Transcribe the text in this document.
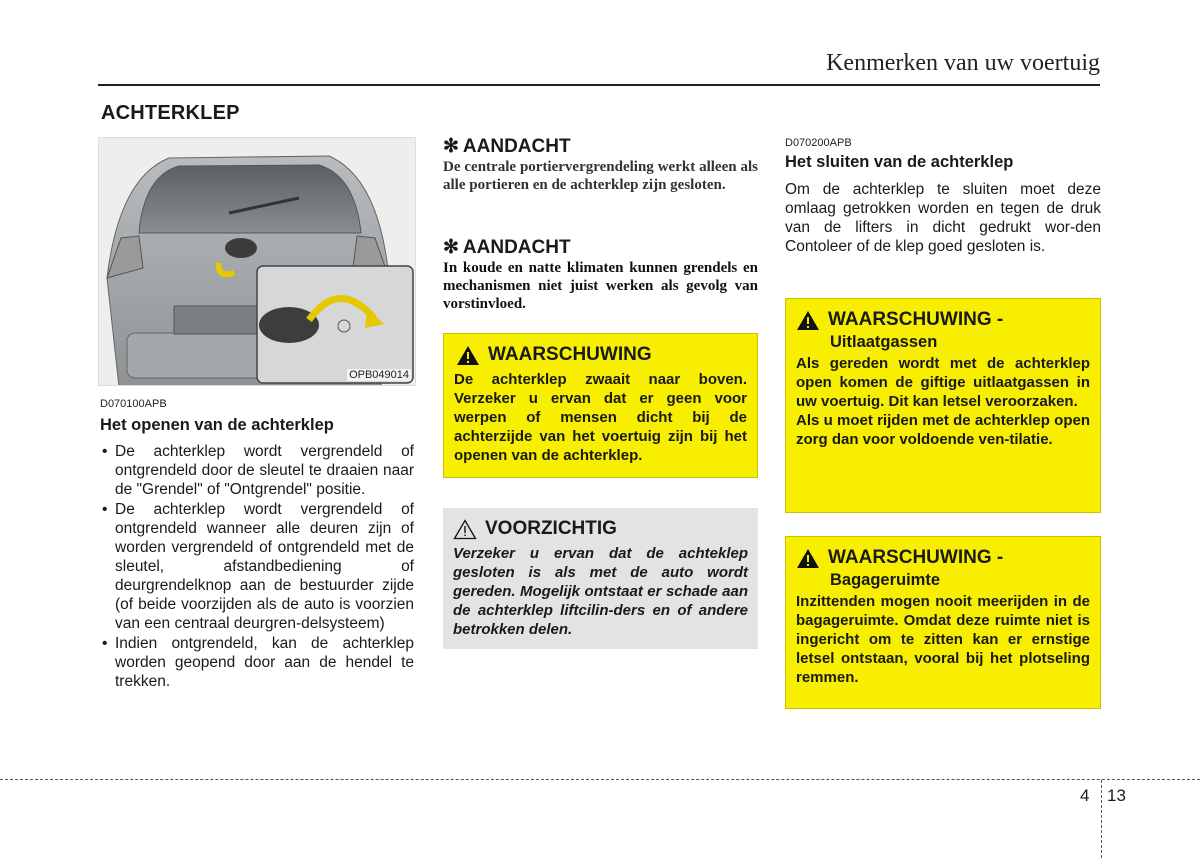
Kenmerken van uw voertuig
ACHTERKLEP
OPB049014
D070100APB
Het openen van de achterklep
• De achterklep wordt vergrendeld of ontgrendeld door de sleutel te draaien naar de "Grendel" of "Ontgrendel" positie.
• De achterklep wordt vergrendeld of ontgrendeld wanneer alle deuren zijn of worden vergrendeld of ontgrendeld met de sleutel, afstandbediening of deurgrendelknop aan de bestuurder zijde (of beide voorzijden als de auto is voorzien van een centraal deurgren-delsysteem)
• Indien ontgrendeld, kan de achterklep worden geopend door aan de hendel te trekken.
✻ AANDACHT
De centrale portiervergrendeling werkt alleen als alle portieren en de achterklep zijn gesloten.
✻ AANDACHT
In koude en natte klimaten kunnen grendels en mechanismen niet juist werken als gevolg van vorstinvloed.
WAARSCHUWING
De achterklep zwaait naar boven. Verzeker u ervan dat er geen voor werpen of mensen dicht bij de achterzijde van het voertuig zijn bij het openen van de achterklep.
VOORZICHTIG
Verzeker u ervan dat de achteklep gesloten is als met de auto wordt gereden. Mogelijk ontstaat er schade aan de achterklep liftcilin-ders en of andere betrokken delen.
D070200APB
Het sluiten van de achterklep
Om de achterklep te sluiten moet deze omlaag getrokken worden en tegen de druk van de lifters in dicht gedrukt wor-den Contoleer of de klep goed gesloten is.
WAARSCHUWING -
Uitlaatgassen
Als gereden wordt met de achterklep open komen de giftige uitlaatgassen in uw voertuig. Dit kan letsel veroorzaken.
Als u moet rijden met de achterklep open zorg dan voor voldoende ven-tilatie.
WAARSCHUWING -
Bagageruimte
Inzittenden mogen nooit meerijden in de bagageruimte. Omdat deze ruimte niet is ingericht om te zitten kan er ernstige letsel ontstaan, vooral bij het plotseling remmen.
4 13
